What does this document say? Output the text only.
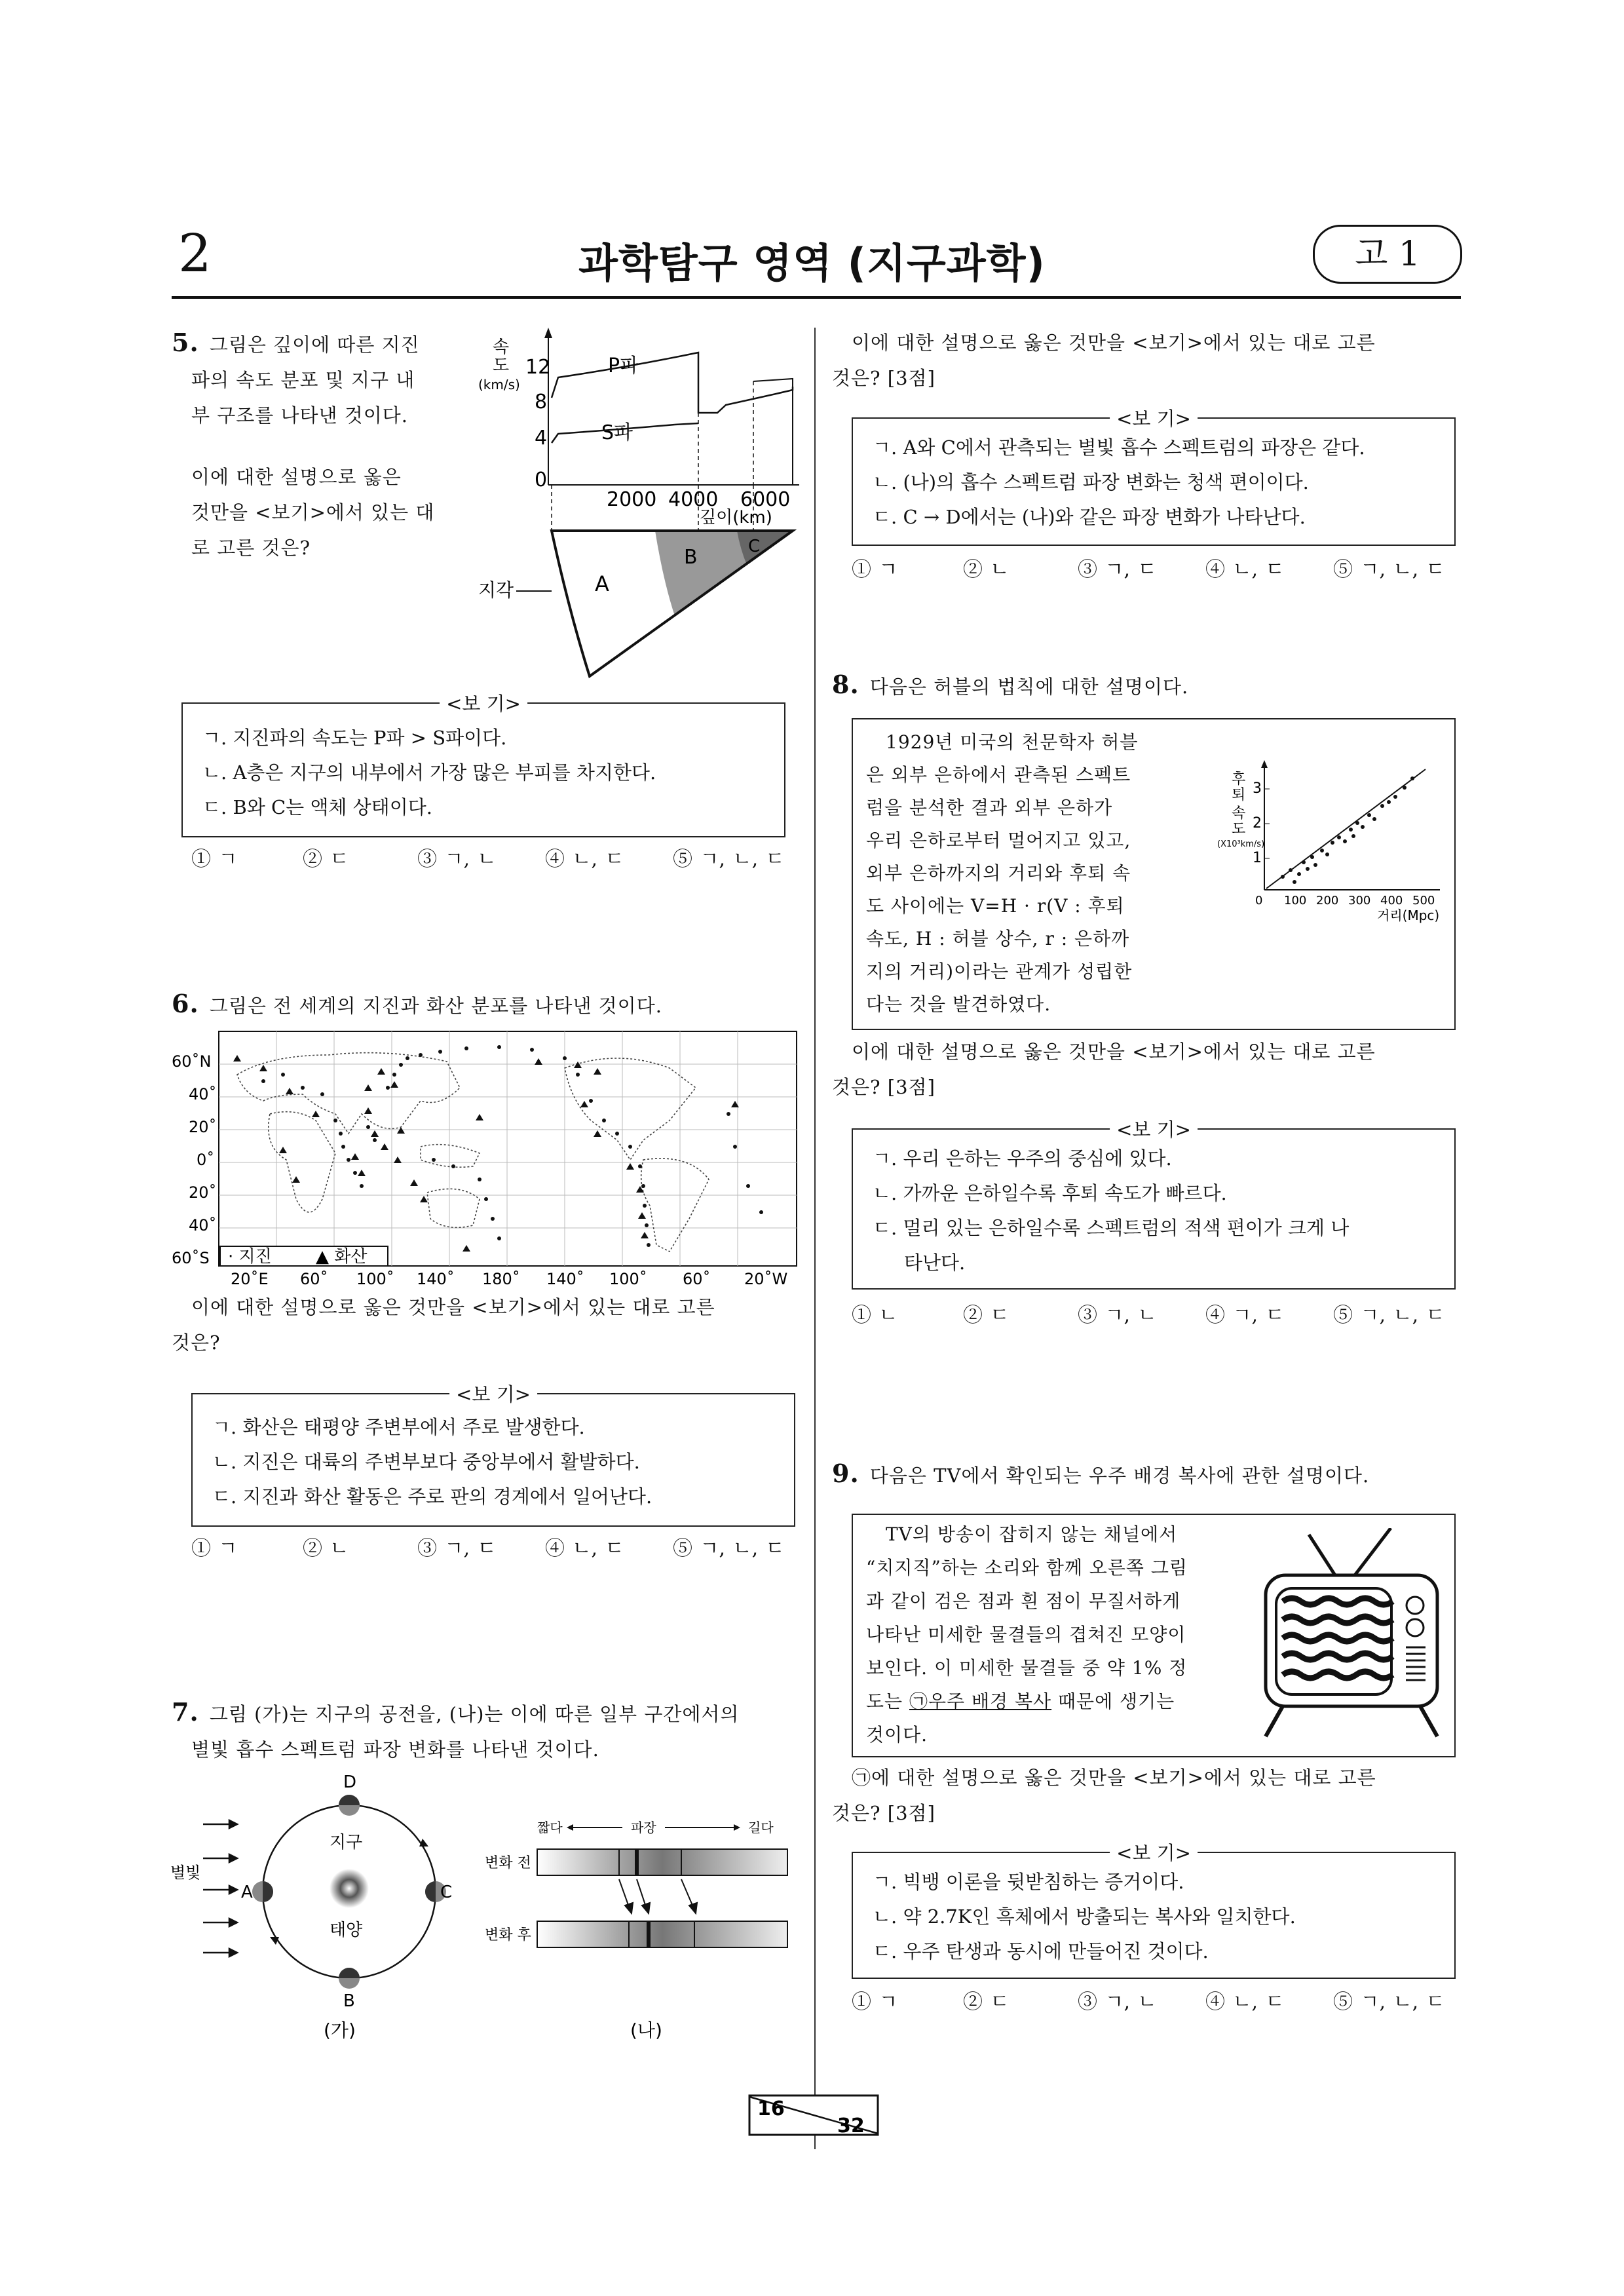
2	과학탐구 영역 (지구과학)	고 1
5. 그림은 깊이에 따른 지진
파의 속도 분포 및 지구 내
부 구조를 나타낸 것이다.
이에 대한 설명으로 옳은
것만을 <보기>에서 있는 대
로 고른 것은?
속
도
(km/s)
12
8
4
0
P파
S파
2000 4000 6000
깊이(km)
지각	A
B	C
<보 기>
ㄱ. 지진파의 속도는 P파 > S파이다.
ㄴ. A층은 지구의 내부에서 가장 많은 부피를 차지한다.
ㄷ. B와 C는 액체 상태이다.
① ㄱ	② ㄷ	③ ㄱ, ㄴ	④ ㄴ, ㄷ	⑤ ㄱ, ㄴ, ㄷ
6. 그림은 전 세계의 지진과 화산 분포를 나타낸 것이다.
60˚N
40˚
20˚
0˚
20˚
40˚
60˚S · 지진	▲ 화산
20˚E 60˚ 100˚ 140˚ 180˚ 140˚ 100˚ 60˚ 20˚W
이에 대한 설명으로 옳은 것만을 <보기>에서 있는 대로 고른
것은?
<보 기>
ㄱ. 화산은 태평양 주변부에서 주로 발생한다.
ㄴ. 지진은 대륙의 주변부보다 중앙부에서 활발하다.
ㄷ. 지진과 화산 활동은 주로 판의 경계에서 일어난다.
① ㄱ	② ㄴ	③ ㄱ, ㄷ	④ ㄴ, ㄷ	⑤ ㄱ, ㄴ, ㄷ
7. 그림 (가)는 지구의 공전을, (나)는 이에 따른 일부 구간에서의
별빛 흡수 스펙트럼 파장 변화를 나타낸 것이다.
별빛
지구
태양
D
A	C
B
(가)
짧다	파장	길다
변화 전
변화 후
(나)
이에 대한 설명으로 옳은 것만을 <보기>에서 있는 대로 고른
것은? [3점]
<보 기>
ㄱ. A와 C에서 관측되는 별빛 흡수 스펙트럼의 파장은 같다.
ㄴ. (나)의 흡수 스펙트럼 파장 변화는 청색 편이이다.
ㄷ. C → D에서는 (나)와 같은 파장 변화가 나타난다.
① ㄱ	② ㄴ	③ ㄱ, ㄷ	④ ㄴ, ㄷ	⑤ ㄱ, ㄴ, ㄷ
8. 다음은 허블의 법칙에 대한 설명이다.
1929년 미국의 천문학자 허블
은 외부 은하에서 관측된 스펙트
럼을 분석한 결과 외부 은하가
우리 은하로부터 멀어지고 있고,
외부 은하까지의 거리와 후퇴 속
도 사이에는 V=H · r(V : 후퇴
속도, H : 허블 상수, r : 은하까
지의 거리)이라는 관계가 성립한
다는 것을 발견하였다.
후
퇴
속
도
(X10³km/s)
3
2
1
0 100 200 300 400 500
거리(Mpc)
이에 대한 설명으로 옳은 것만을 <보기>에서 있는 대로 고른
것은? [3점]
<보 기>
ㄱ. 우리 은하는 우주의 중심에 있다.
ㄴ. 가까운 은하일수록 후퇴 속도가 빠르다.
ㄷ. 멀리 있는 은하일수록 스펙트럼의 적색 편이가 크게 나
타난다.
① ㄴ	② ㄷ	③ ㄱ, ㄴ	④ ㄱ, ㄷ	⑤ ㄱ, ㄴ, ㄷ
9. 다음은 TV에서 확인되는 우주 배경 복사에 관한 설명이다.
TV의 방송이 잡히지 않는 채널에서
“치지직”하는 소리와 함께 오른쪽 그림
과 같이 검은 점과 흰 점이 무질서하게
나타난 미세한 물결들의 겹쳐진 모양이
보인다. 이 미세한 물결들 중 약 1% 정
도는 ㉠우주 배경 복사 때문에 생기는
것이다.
㉠에 대한 설명으로 옳은 것만을 <보기>에서 있는 대로 고른
것은? [3점]
<보 기>
ㄱ. 빅뱅 이론을 뒷받침하는 증거이다.
ㄴ. 약 2.7K인 흑체에서 방출되는 복사와 일치한다.
ㄷ. 우주 탄생과 동시에 만들어진 것이다.
① ㄱ	② ㄷ	③ ㄱ, ㄴ	④ ㄴ, ㄷ	⑤ ㄱ, ㄴ, ㄷ
16
32
